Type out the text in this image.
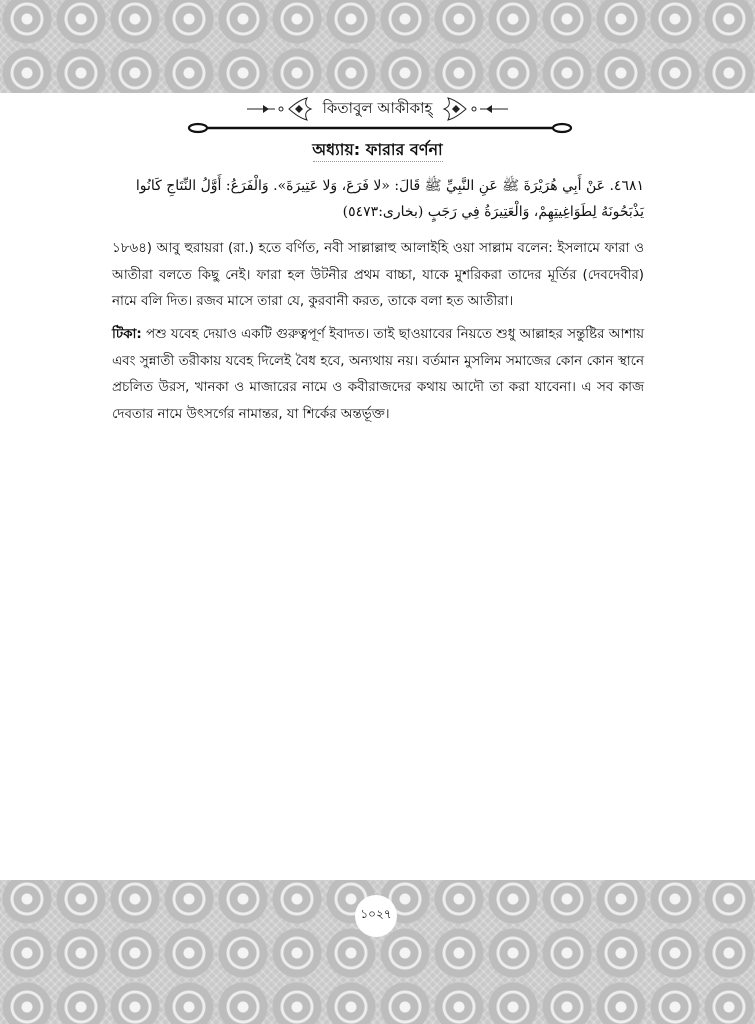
কিতাবুল আকীকাহ্
অধ্যায়: ফারার বর্ণনা
٤٦٨١. عَنْ أَبِي هُرَيْرَةَ ﷺ عَنِ النَّبِيِّ ﷺ قَالَ: «لا فَرَعَ، وَلا عَتِيرَةَ». وَالْفَرَعُ: أَوَّلُ النِّتَاجِ كَانُوا يَذْبَحُونَهُ لِطَوَاغِيتِهِمْ، وَالْعَتِيرَةُ فِي رَجَبٍ (بخارى:٥٤٧٣)
১৮৬৪) আবু হুরায়রা (রা.) হতে বর্ণিত, নবী সাল্লাল্লাহু আলাইহি ওয়া সাল্লাম বলেন: ইসলামে ফারা ও আতীরা বলতে কিছু নেই। ফারা হল উটনীর প্রথম বাচ্চা, যাকে মুশরিকরা তাদের মূর্তির (দেবদেবীর) নামে বলি দিত। রজব মাসে তারা যে, কুরবানী করত, তাকে বলা হত আতীরা।
টিকা: পশু যবেহ দেয়াও একটি গুরুত্বপূর্ণ ইবাদত। তাই ছাওয়াবের নিয়তে শুধু আল্লাহর সন্তুষ্টির আশায় এবং সুন্নাতী তরীকায় যবেহ দিলেই বৈধ হবে, অন্যথায় নয়। বর্তমান মুসলিম সমাজের কোন কোন স্থানে প্রচলিত উরস, খানকা ও মাজারের নামে ও কবীরাজদের কথায় আদৌ তা করা যাবেনা। এ সব কাজ দেবতার নামে উৎসর্গের নামান্তর, যা শির্কের অন্তর্ভূক্ত।
১০২৭
